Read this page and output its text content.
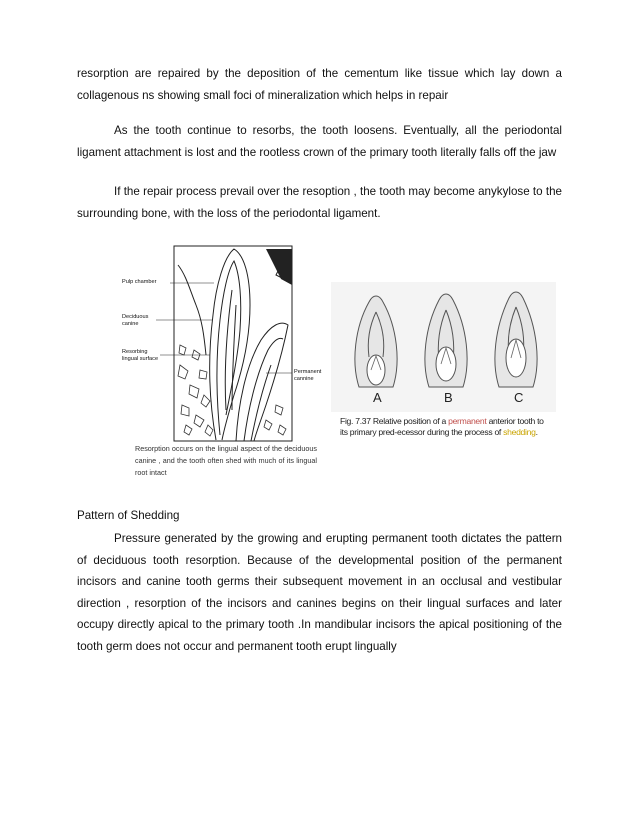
resorption are repaired by the deposition of the cementum like tissue which lay down a collagenous ns showing small foci of mineralization which helps in repair

As the tooth continue to resorbs, the tooth loosens. Eventually, all the periodontal ligament attachment is lost and the rootless crown of the primary tooth literally falls off the jaw

If the repair process prevail over the resoption , the tooth may become anykylose to the surrounding bone, with the loss of the periodontal ligament.

Pulp chamber
Deciduous canine
Resorbing lingual surface
Permanent cannine
Resorption occurs on the lingual aspect of the deciduous canine , and the tooth often shed with much of its lingual root intact
A	B	C
Fig. 7.37 Relative position of a permanent anterior tooth to its primary pred-ecessor during the process of shedding.
Pattern of Shedding

Pressure generated by the growing and erupting permanent tooth dictates the pattern of deciduous tooth resorption. Because of the developmental position of the permanent incisors and canine tooth germs their subsequent movement in an occlusal and vestibular direction , resorption of the incisors and canines begins on their lingual surfaces and later occupy directly apical to the primary tooth .In mandibular incisors the apical positioning of the tooth germ does not occur and permanent tooth erupt lingually
